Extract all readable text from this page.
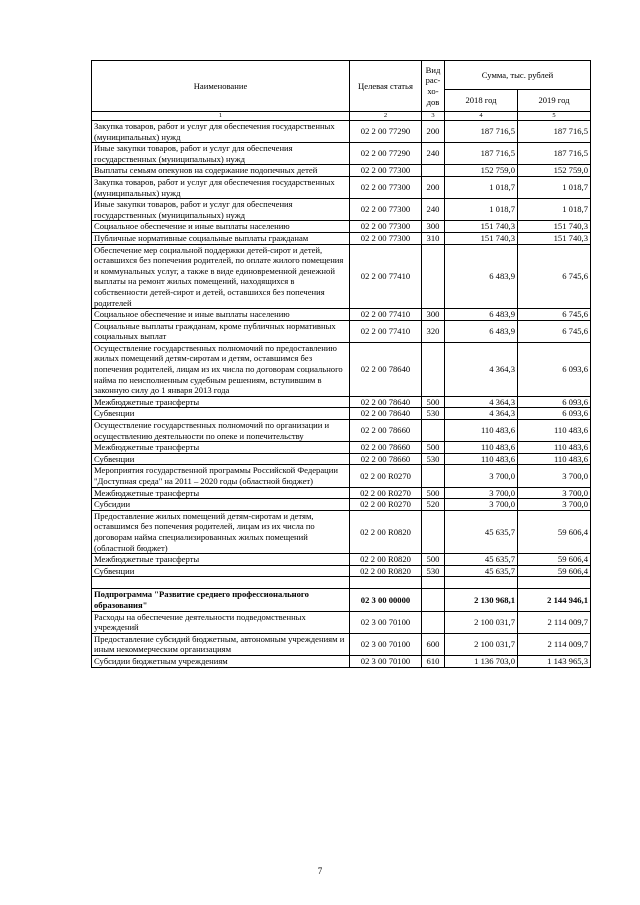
Наименование	Целевая статья	Вид рас- хо- дов	Сумма, тыс. рублей	
			2018 год	2019 год
1	2	3	4	5
Закупка товаров, работ и услуг для обеспечения государственных (муниципальных) нужд	02 2 00 77290	200	187 716,5	187 716,5
Иные закупки товаров, работ и услуг для обеспечения государственных (муниципальных) нужд	02 2 00 77290	240	187 716,5	187 716,5
Выплаты семьям опекунов на содержание подопечных детей	02 2 00 77300		152 759,0	152 759,0
Закупка товаров, работ и услуг для обеспечения государственных (муниципальных) нужд	02 2 00 77300	200	1 018,7	1 018,7
Иные закупки товаров, работ и услуг для обеспечения государственных (муниципальных) нужд	02 2 00 77300	240	1 018,7	1 018,7
Социальное обеспечение и иные выплаты населению	02 2 00 77300	300	151 740,3	151 740,3
Публичные нормативные социальные выплаты гражданам	02 2 00 77300	310	151 740,3	151 740,3
Обеспечение мер социальной поддержки детей-сирот и детей, оставшихся без попечения родителей, по оплате жилого помещения и коммунальных услуг, а также в виде единовременной денежной выплаты на ремонт жилых помещений, находящихся в собственности детей-сирот и детей, оставшихся без попечения родителей	02 2 00 77410		6 483,9	6 745,6
Социальное обеспечение и иные выплаты населению	02 2 00 77410	300	6 483,9	6 745,6
Социальные выплаты гражданам, кроме публичных нормативных социальных выплат	02 2 00 77410	320	6 483,9	6 745,6
Осуществление государственных полномочий по предоставлению жилых помещений детям-сиротам и детям, оставшимся без попечения родителей, лицам из их числа по договорам социального найма по неисполненным судебным решениям, вступившим в законную силу до 1 января 2013 года	02 2 00 78640		4 364,3	6 093,6
Межбюджетные трансферты	02 2 00 78640	500	4 364,3	6 093,6
Субвенции	02 2 00 78640	530	4 364,3	6 093,6
Осуществление государственных полномочий по организации и осуществлению деятельности по опеке и попечительству	02 2 00 78660		110 483,6	110 483,6
Межбюджетные трансферты	02 2 00 78660	500	110 483,6	110 483,6
Субвенции	02 2 00 78660	530	110 483,6	110 483,6
Мероприятия государственной программы Российской Федерации "Доступная среда" на 2011 – 2020 годы (областной бюджет)	02 2 00 R0270		3 700,0	3 700,0
Межбюджетные трансферты	02 2 00 R0270	500	3 700,0	3 700,0
Субсидии	02 2 00 R0270	520	3 700,0	3 700,0
Предоставление жилых помещений детям-сиротам и детям, оставшимся без попечения родителей, лицам из их числа по договорам найма специализированных жилых помещений (областной бюджет)	02 2 00 R0820		45 635,7	59 606,4
Межбюджетные трансферты	02 2 00 R0820	500	45 635,7	59 606,4
Субвенции	02 2 00 R0820	530	45 635,7	59 606,4

Подпрограмма "Развитие среднего профессионального образования"	02 3 00 00000		2 130 968,1	2 144 946,1
Расходы на обеспечение деятельности подведомственных учреждений	02 3 00 70100		2 100 031,7	2 114 009,7
Предоставление субсидий бюджетным, автономным учреждениям и иным некоммерческим организациям	02 3 00 70100	600	2 100 031,7	2 114 009,7
Субсидии бюджетным учреждениям	02 3 00 70100	610	1 136 703,0	1 143 965,3
7
